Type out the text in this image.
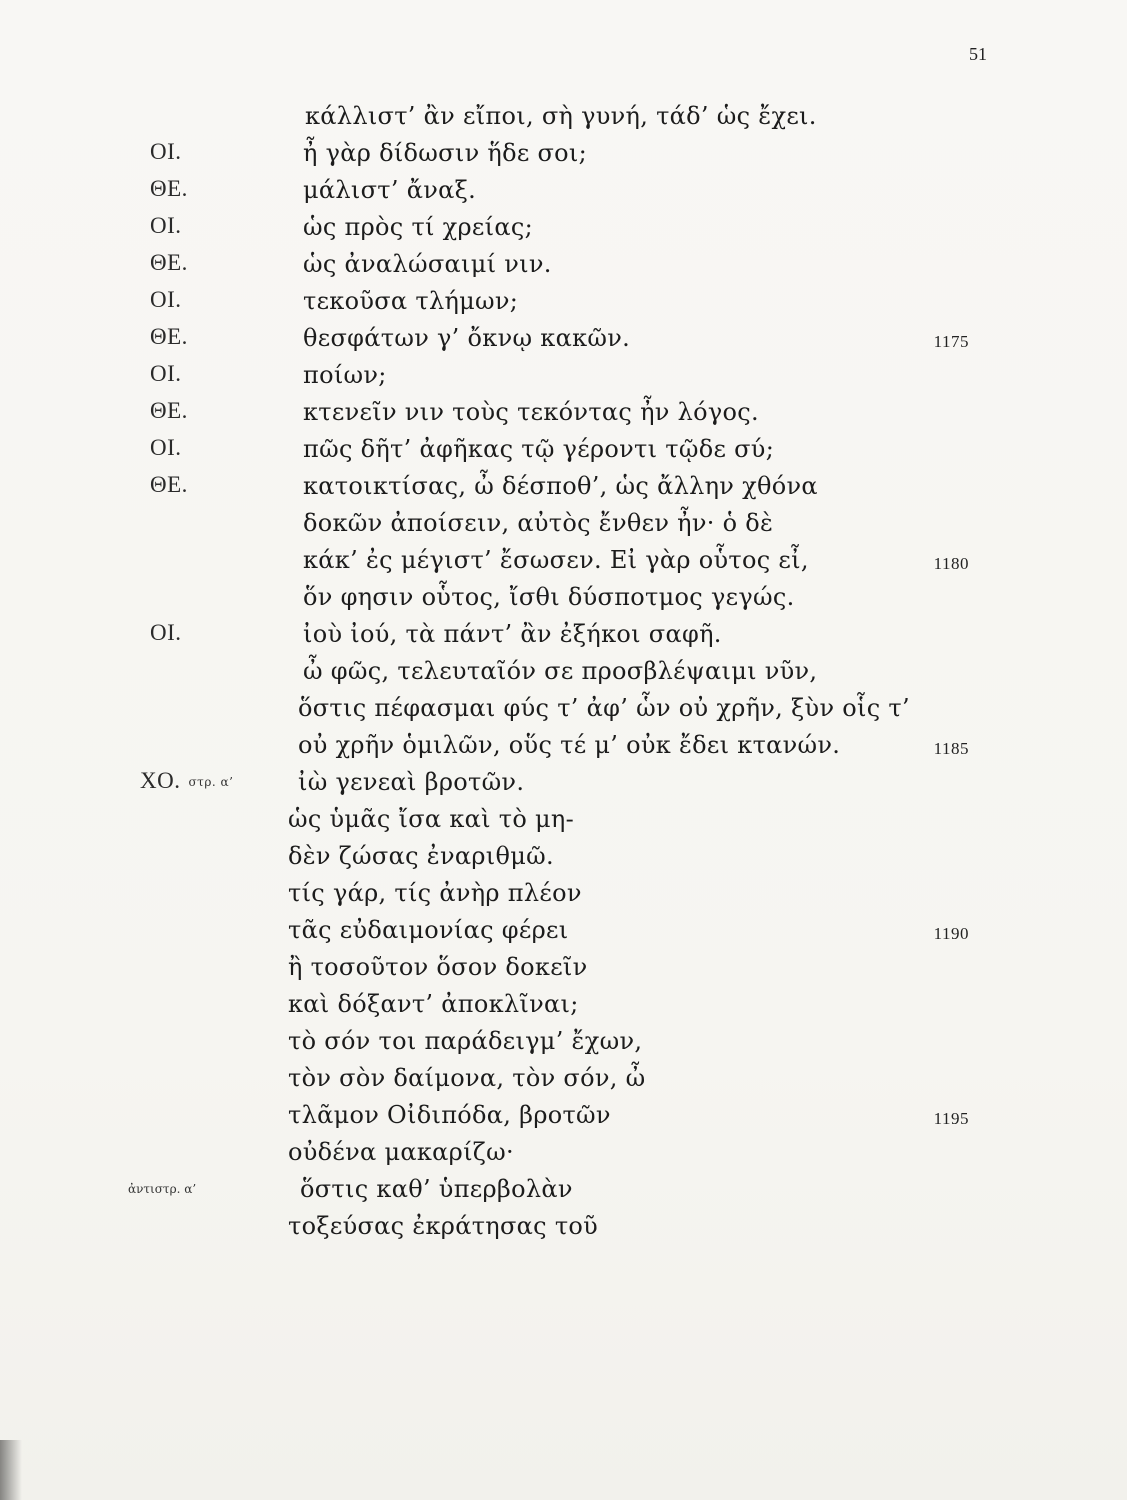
51
κάλλιστ’ ἂν εἴποι, σὴ γυνή, τάδ’ ὡς ἔχει.
ΟΙ.	ἦ γὰρ δίδωσιν ἥδε σοι;
ΘΕ.	μάλιστ’ ἄναξ.
ΟΙ.	ὡς πρὸς τί χρείας;
ΘΕ.	ὡς ἀναλώσαιμί νιν.
ΟΙ.	τεκοῦσα τλήμων;
ΘΕ.	θεσφάτων γ’ ὄκνῳ κακῶν.	1175
ΟΙ.	ποίων;
ΘΕ.	κτενεῖν νιν τοὺς τεκόντας ἦν λόγος.
ΟΙ.	πῶς δῆτ’ ἀφῆκας τῷ γέροντι τῷδε σύ;
ΘΕ.	κατοικτίσας, ὦ δέσποθ’, ὡς ἄλλην χθόνα
δοκῶν ἀποίσειν, αὐτὸς ἔνθεν ἦν· ὁ δὲ
κάκ’ ἐς μέγιστ’ ἔσωσεν. Εἰ γὰρ οὗτος εἶ,	1180
ὅν φησιν οὗτος, ἴσθι δύσποτμος γεγώς.
ΟΙ.	ἰοὺ ἰού, τὰ πάντ’ ἂν ἐξήκοι σαφῆ.
ὦ φῶς, τελευταῖόν σε προσβλέψαιμι νῦν,
ὅστις πέφασμαι φύς τ’ ἀφ’ ὧν οὐ χρῆν, ξὺν οἷς τ’
οὐ χρῆν ὁμιλῶν, οὕς τέ μ’ οὐκ ἔδει κτανών.	1185
ΧΟ. στρ. α’	ἰὼ γενεαὶ βροτῶν.
ὡς ὑμᾶς ἴσα καὶ τὸ μη-
δὲν ζώσας ἐναριθμῶ.
τίς γάρ, τίς ἀνὴρ πλέον
τᾶς εὐδαιμονίας φέρει	1190
ἢ τοσοῦτον ὅσον δοκεῖν
καὶ δόξαντ’ ἀποκλῖναι;
τὸ σόν τοι παράδειγμ’ ἔχων,
τὸν σὸν δαίμονα, τὸν σόν, ὦ
τλᾶμον Οἰδιπόδα, βροτῶν	1195
οὐδένα μακαρίζω·
ἀντιστρ. α’	ὅστις καθ’ ὑπερβολὰν
τοξεύσας ἐκράτησας τοῦ
